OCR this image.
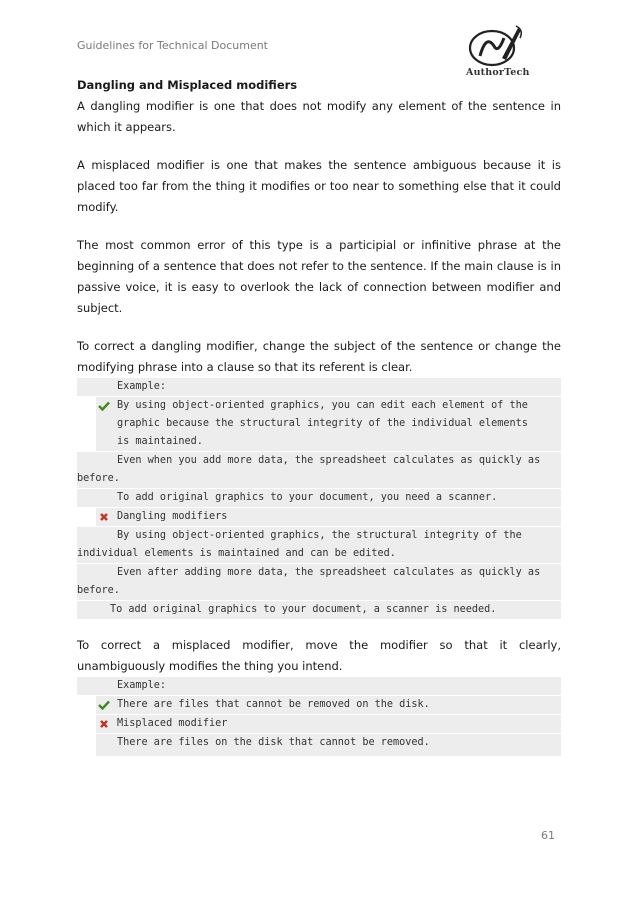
Guidelines for Technical Document
AuthorTech
Dangling and Misplaced modifiers

A dangling modifier is one that does not modify any element of the sentence in which it appears.

A misplaced modifier is one that makes the sentence ambiguous because it is placed too far from the thing it modifies or too near to something else that it could modify.

The most common error of this type is a participial or infinitive phrase at the beginning of a sentence that does not refer to the sentence. If the main clause is in passive voice, it is easy to overlook the lack of connection between modifier and subject.

To correct a dangling modifier, change the subject of the sentence or change the modifying phrase into a clause so that its referent is clear.

Example:
By using object-oriented graphics, you can edit each element of the
graphic because the structural integrity of the individual elements
is maintained.
Even when you add more data, the spreadsheet calculates as quickly as before.
To add original graphics to your document, you need a scanner.
Dangling modifiers
By using object-oriented graphics, the structural integrity of the individual elements is maintained and can be edited.
Even after adding more data, the spreadsheet calculates as quickly as before.
To add original graphics to your document, a scanner is needed.

To correct a misplaced modifier, move the modifier so that it clearly, unambiguously modifies the thing you intend.

Example:
There are files that cannot be removed on the disk.
Misplaced modifier
There are files on the disk that cannot be removed.
61
